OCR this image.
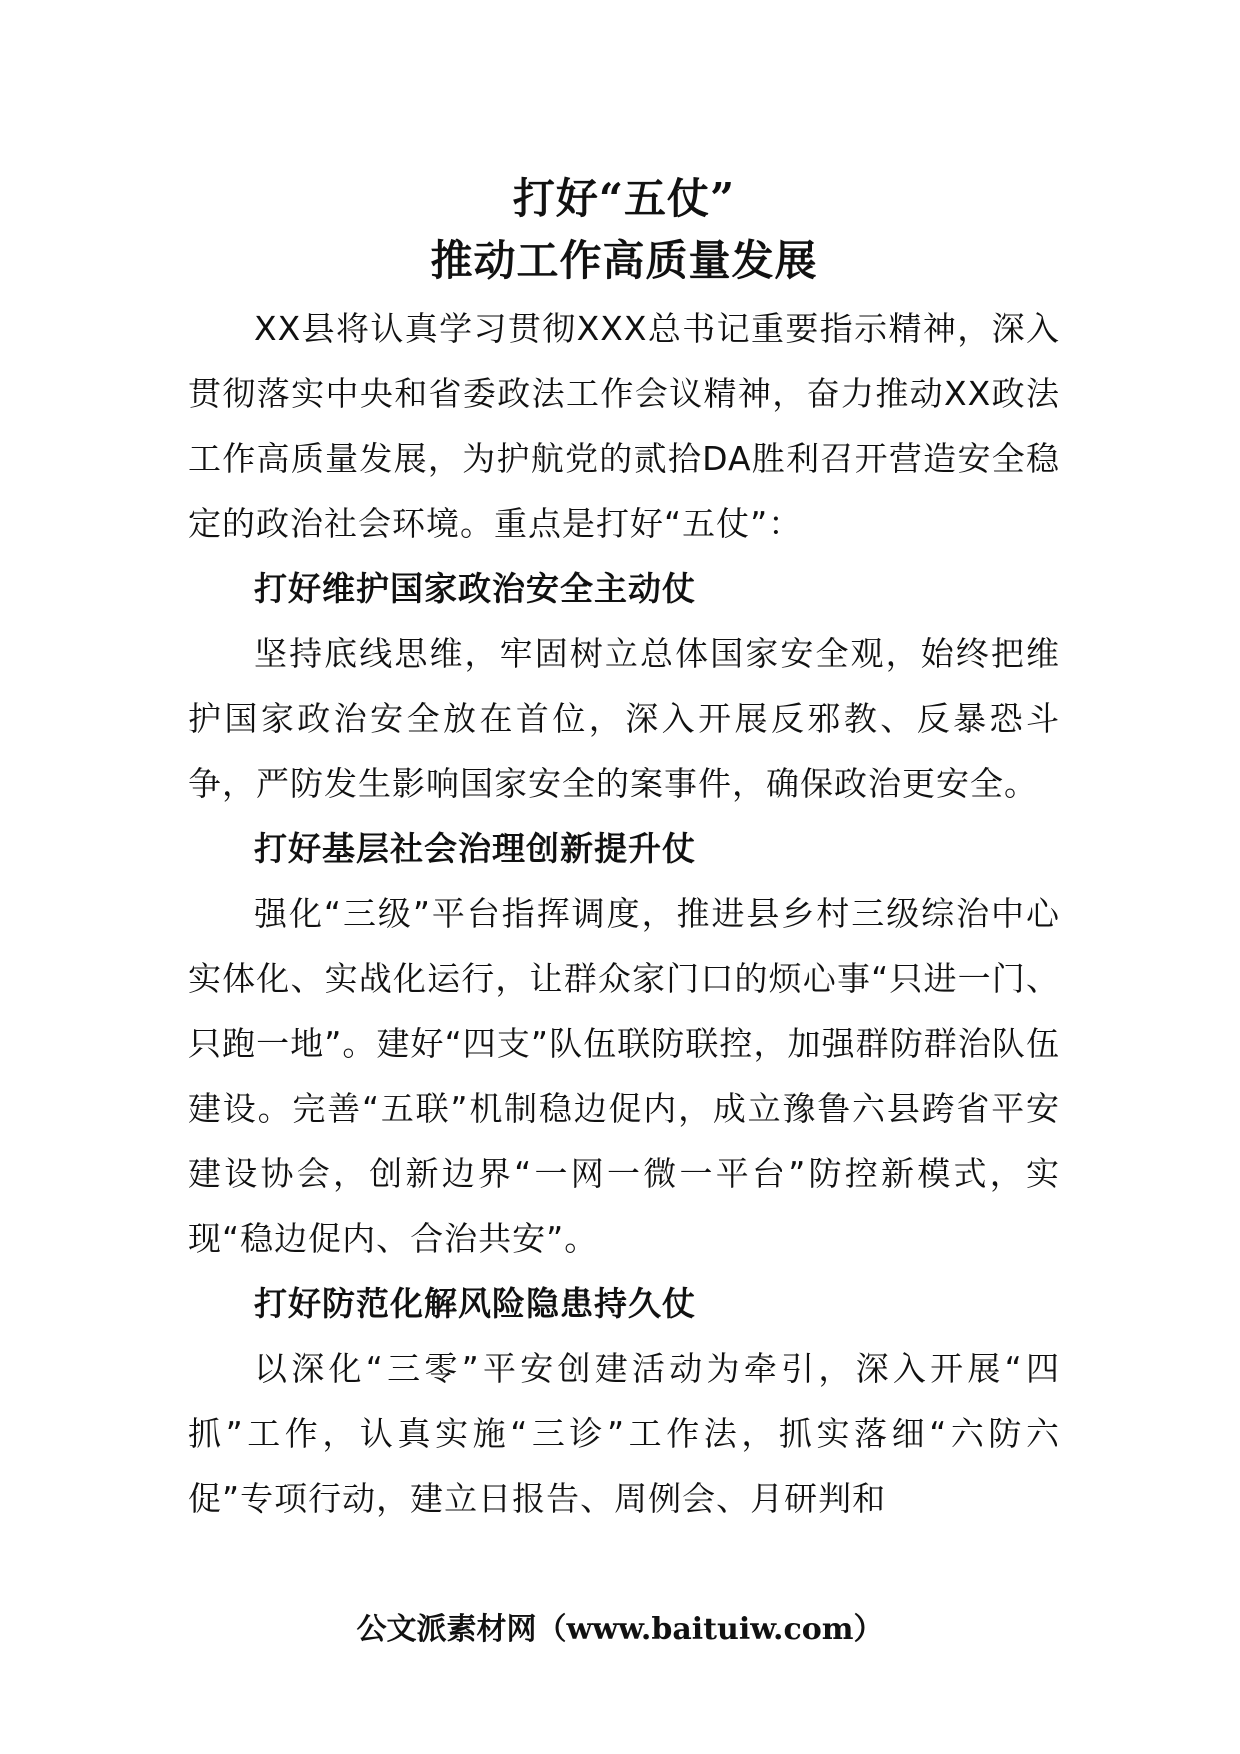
打好“五仗”
推动工作高质量发展

XX县将认真学习贯彻XXX总书记重要指示精神，深入贯彻落实中央和省委政法工作会议精神，奋力推动XX政法工作高质量发展，为护航党的贰拾DA胜利召开营造安全稳定的政治社会环境。重点是打好“五仗”：

打好维护国家政治安全主动仗

坚持底线思维，牢固树立总体国家安全观，始终把维护国家政治安全放在首位，深入开展反邪教、反暴恐斗争，严防发生影响国家安全的案事件，确保政治更安全。

打好基层社会治理创新提升仗

强化“三级”平台指挥调度，推进县乡村三级综治中心实体化、实战化运行，让群众家门口的烦心事“只进一门、只跑一地”。建好“四支”队伍联防联控，加强群防群治队伍建设。完善“五联”机制稳边促内，成立豫鲁六县跨省平安建设协会，创新边界“一网一微一平台”防控新模式，实现“稳边促内、合治共安”。

打好防范化解风险隐患持久仗

以深化“三零”平安创建活动为牵引，深入开展“四抓”工作，认真实施“三诊”工作法，抓实落细“六防六促”专项行动，建立日报告、周例会、月研判和

公文派素材网（www.baituiw.com）
